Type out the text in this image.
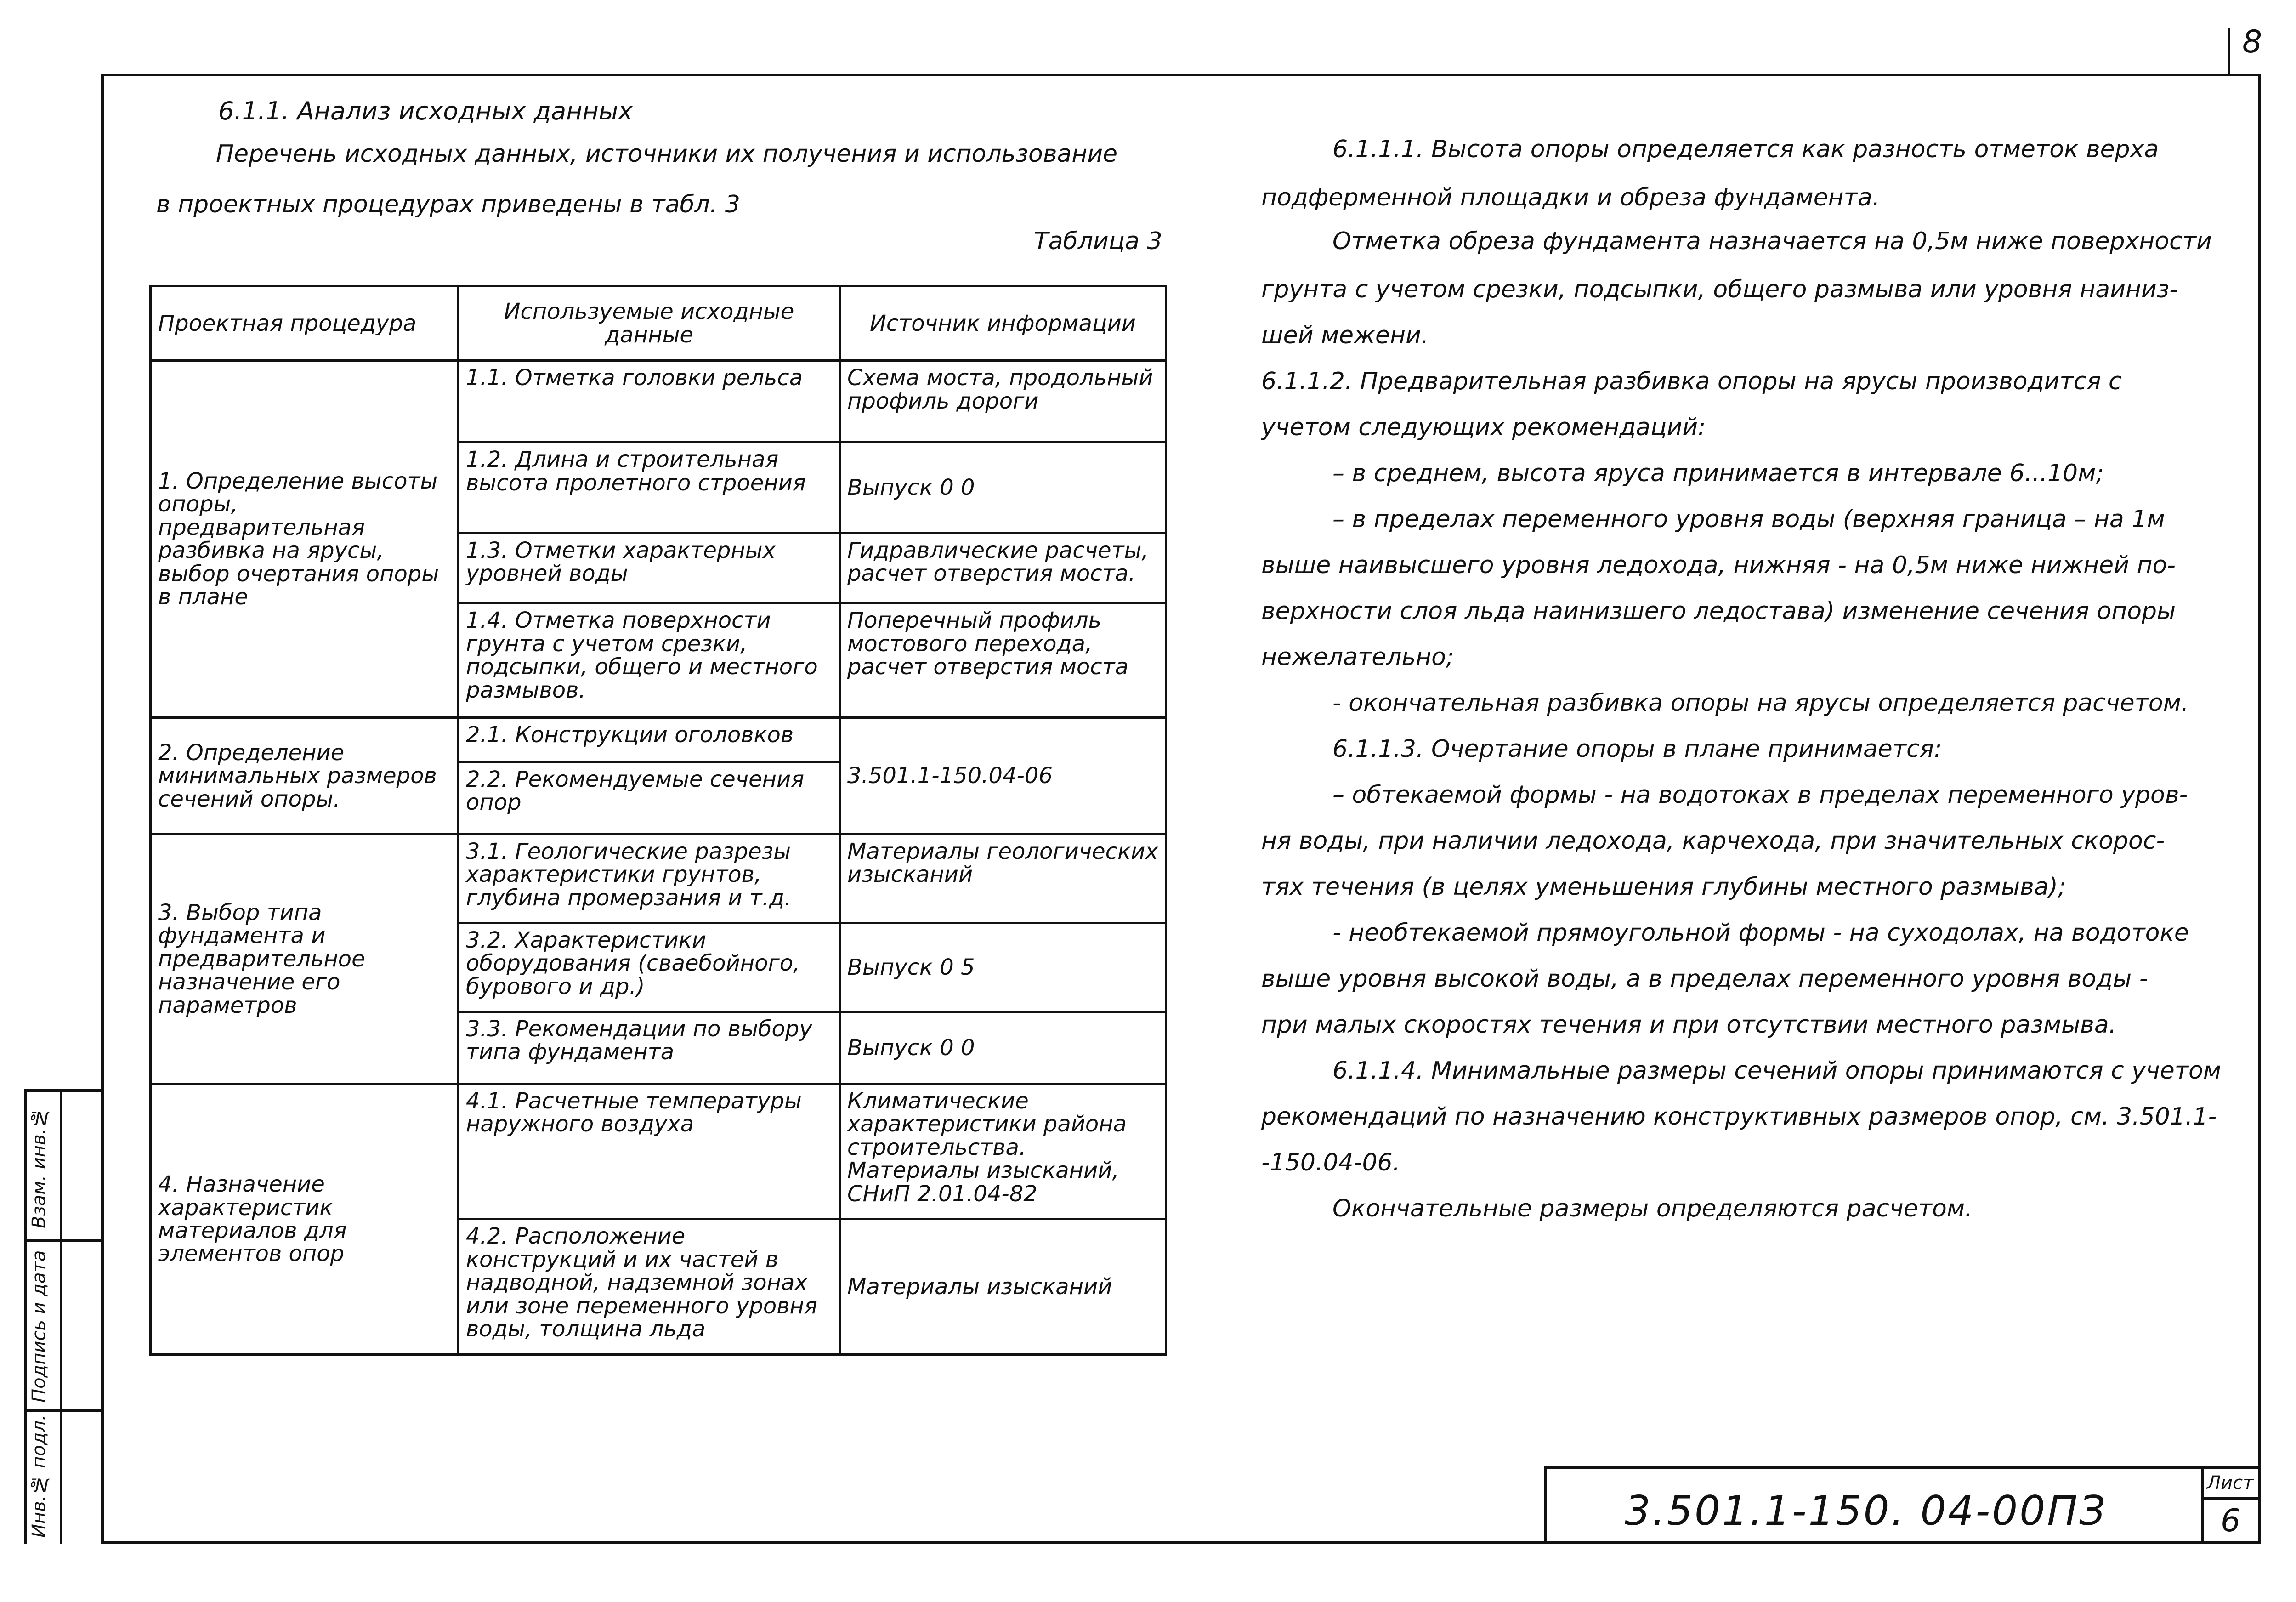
8
Взам. инв.№
Подпись и дата
Инв.№ подл.
6.1.1. Анализ исходных данных
Перечень исходных данных, источники их получения и использование
в проектных процедурах приведены в табл. 3
Таблица 3
Проектная процедура	Используемые исходные данные	Источник информации
1. Определение высоты опоры, предварительная разбивка на ярусы, выбор очертания опоры в плане	1.1. Отметка головки рельса	Схема моста, продольный профиль дороги
	1.2. Длина и строительная высота пролетного строения	Выпуск 0 0
	1.3. Отметки характерных уровней воды	Гидравлические расчеты, расчет отверстия моста.
	1.4. Отметка поверхности грунта с учетом срезки, подсыпки, общего и местного размывов.	Поперечный профиль мостового перехода, расчет отверстия моста
2. Определение минимальных размеров сечений опоры.	2.1. Конструкции оголовков	3.501.1-150.04-06
	2.2. Рекомендуемые сечения опор	
3. Выбор типа фундамента и предварительное назначение его параметров	3.1. Геологические разрезы характеристики грунтов, глубина промерзания и т.д.	Материалы геологических изысканий
	3.2. Характеристики оборудования (сваебойного, бурового и др.)	Выпуск 0 5
	3.3. Рекомендации по выбору типа фундамента	Выпуск 0 0
4. Назначение характеристик материалов для элементов опор	4.1. Расчетные температуры наружного воздуха	Климатические характеристики района строительства. Материалы изысканий, СНиП 2.01.04-82
	4.2. Расположение конструкций и их частей в надводной, надземной зонах или зоне переменного уровня воды, толщина льда	Материалы изысканий
6.1.1.1. Высота опоры определяется как разность отметок верха
подферменной площадки и обреза фундамента.
Отметка обреза фундамента назначается на 0,5м ниже поверхности
грунта с учетом срезки, подсыпки, общего размыва или уровня наиниз-
шей межени.
6.1.1.2. Предварительная разбивка опоры на ярусы производится с
учетом следующих рекомендаций:
– в среднем, высота яруса принимается в интервале 6...10м;
– в пределах переменного уровня воды (верхняя граница – на 1м
выше наивысшего уровня ледохода, нижняя - на 0,5м ниже нижней по-
верхности слоя льда наинизшего ледостава) изменение сечения опоры
нежелательно;
- окончательная разбивка опоры на ярусы определяется расчетом.
6.1.1.3. Очертание опоры в плане принимается:
– обтекаемой формы - на водотоках в пределах переменного уров-
ня воды, при наличии ледохода, карчехода, при значительных скорос-
тях течения (в целях уменьшения глубины местного размыва);
- необтекаемой прямоугольной формы - на суходолах, на водотоке
выше уровня высокой воды, а в пределах переменного уровня воды -
при малых скоростях течения и при отсутствии местного размыва.
6.1.1.4. Минимальные размеры сечений опоры принимаются с учетом
рекомендаций по назначению конструктивных размеров опор, см. 3.501.1-
-150.04-06.
Окончательные размеры определяются расчетом.
3.501.1-150. 04-00ПЗ
Лист
6
